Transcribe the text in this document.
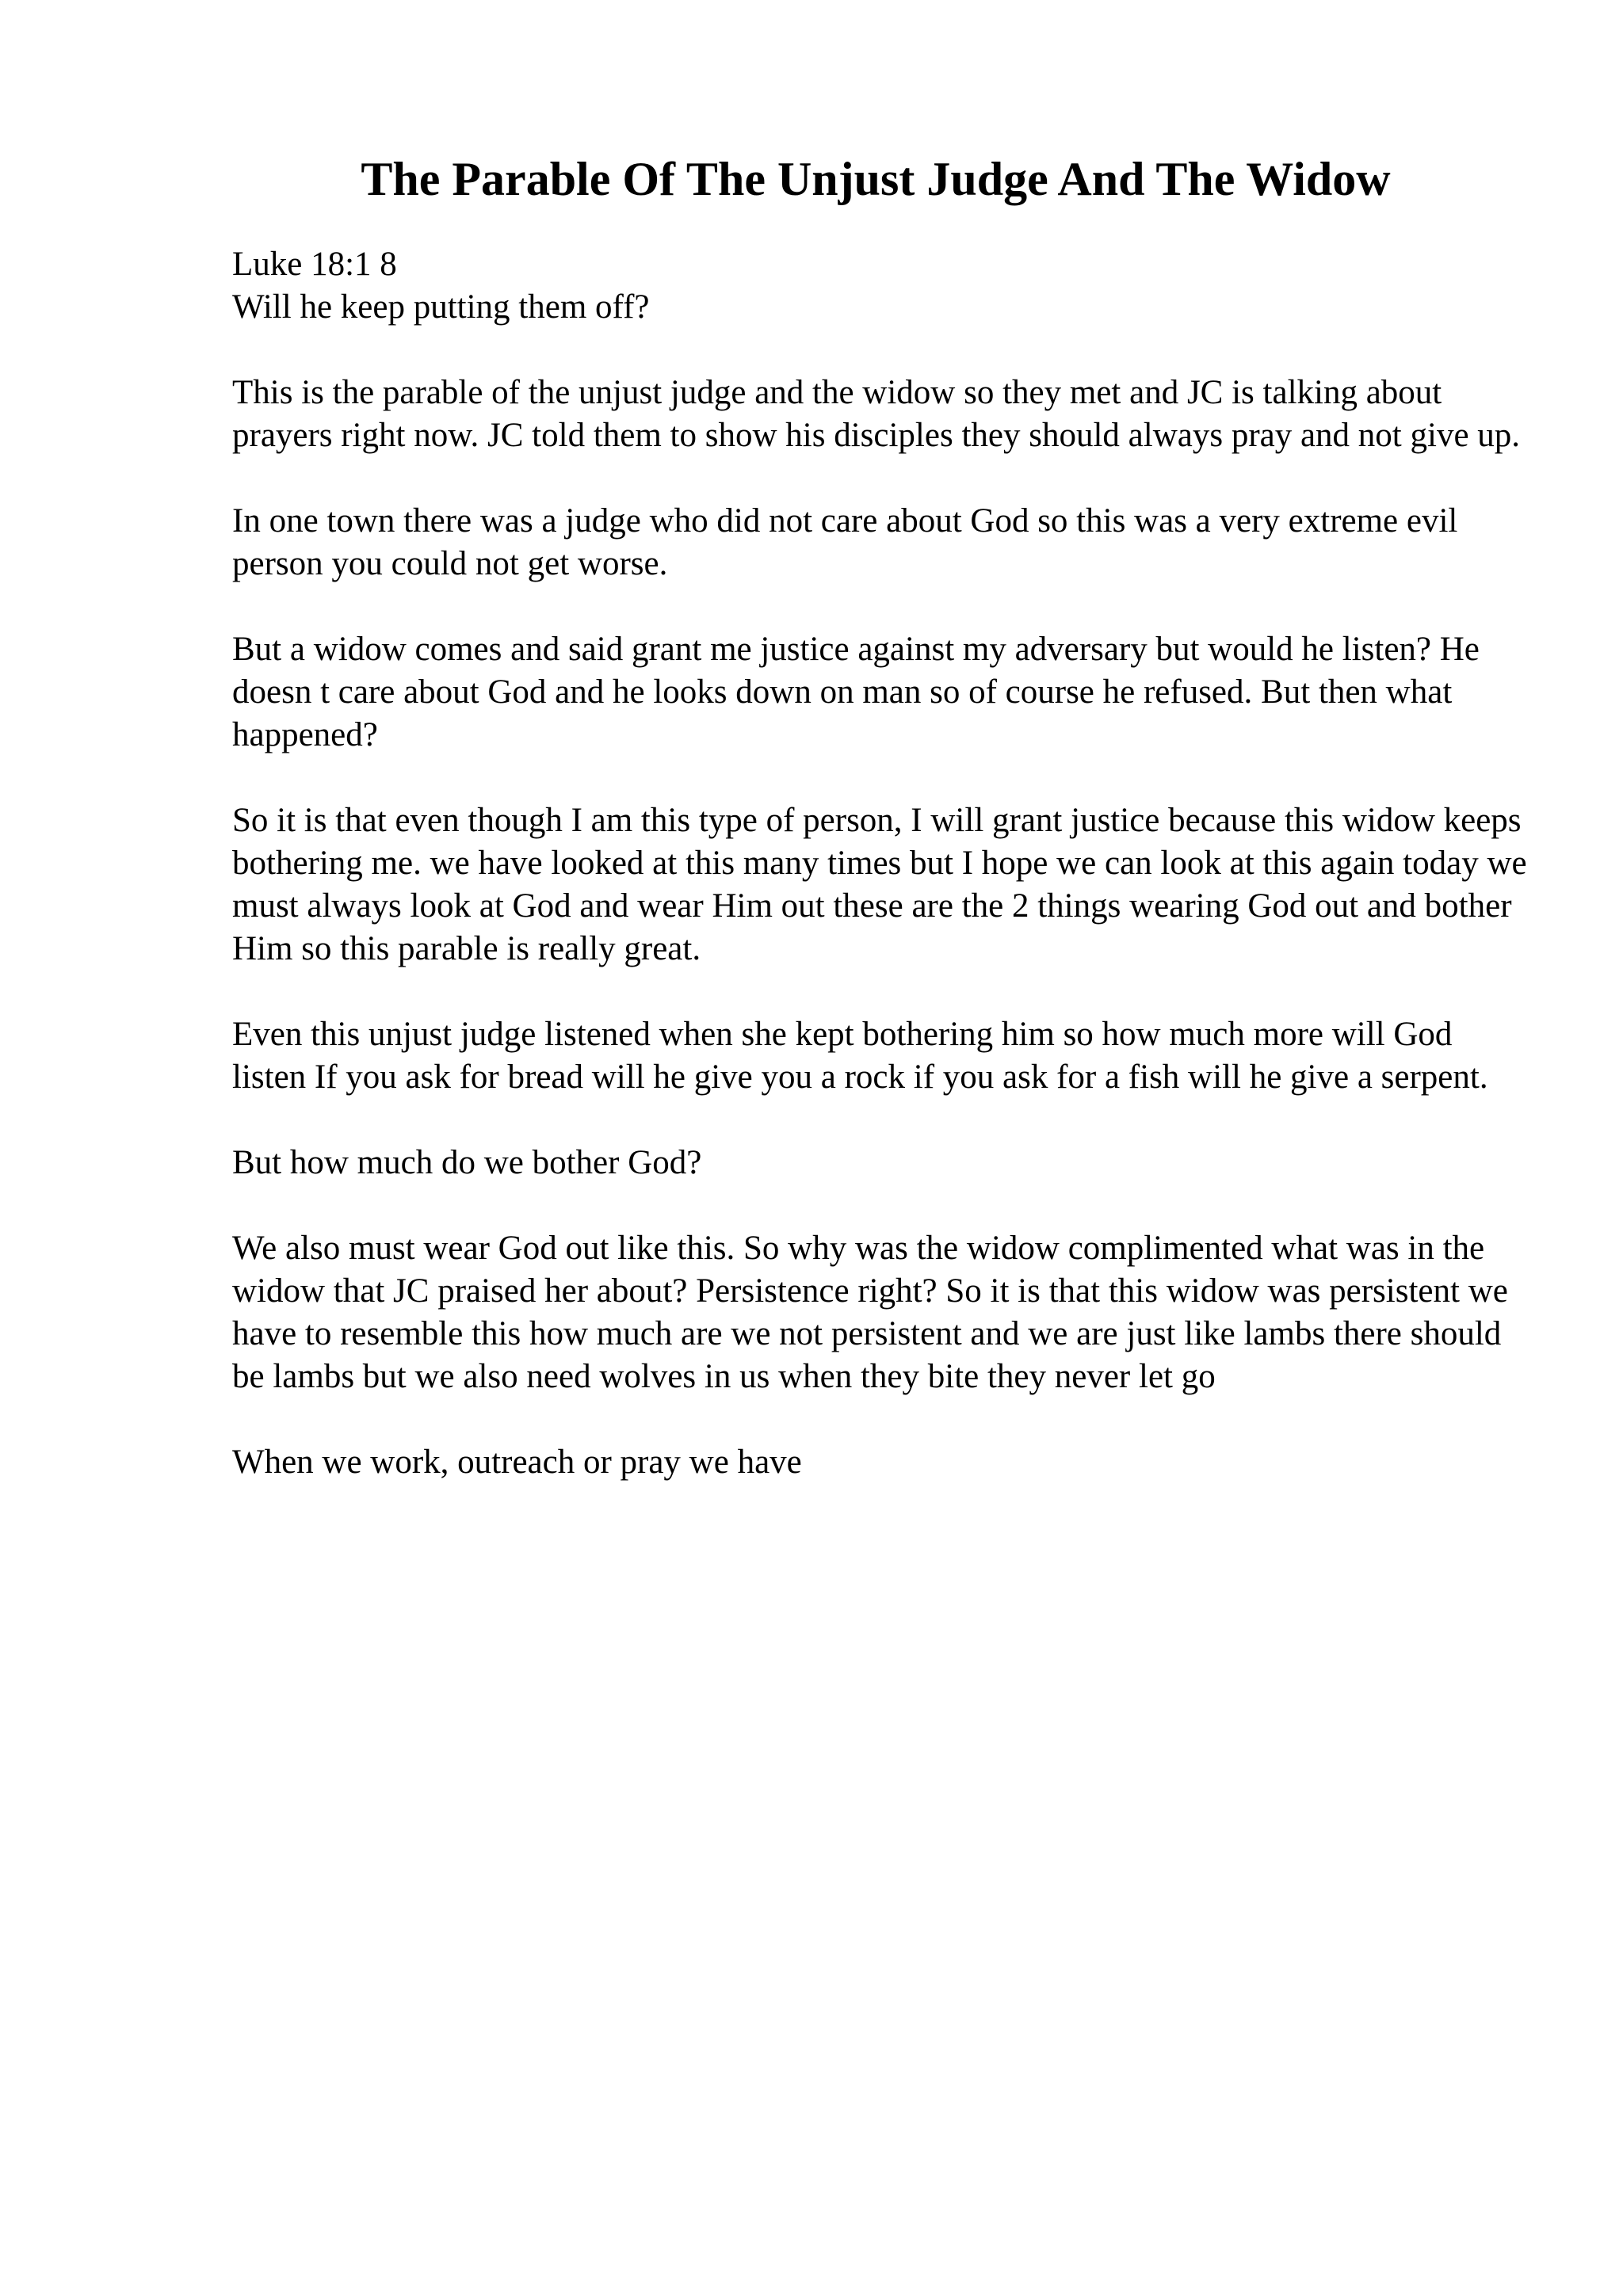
The Parable Of The Unjust Judge And The Widow
Luke 18:1 8
Will he keep putting them off?

This is the parable of the unjust judge and the widow so they met and JC is talking about prayers right now. JC told them to show his disciples they should always pray and not give up.

In one town there was a judge who did not care about God so this was a very extreme evil person you could not get worse.

But a widow comes and said grant me justice against my adversary but would he listen? He doesn t care about God and he looks down on man so of course he refused. But then what happened?

So it is that even though I am this type of person, I will grant justice because this widow keeps bothering me. we have looked at this many times but I hope we can look at this again today we must always look at God and wear Him out these are the 2 things wearing God out and bother Him so this parable is really great.

Even this unjust judge listened when she kept bothering him so how much more will God listen If you ask for bread will he give you a rock if you ask for a fish will he give a serpent.

But how much do we bother God?

We also must wear God out like this. So why was the widow complimented what was in the widow that JC praised her about? Persistence right? So it is that this widow was persistent we have to resemble this how much are we not persistent and we are just like lambs there should be lambs but we also need wolves in us when they bite they never let go

When we work, outreach or pray we have
